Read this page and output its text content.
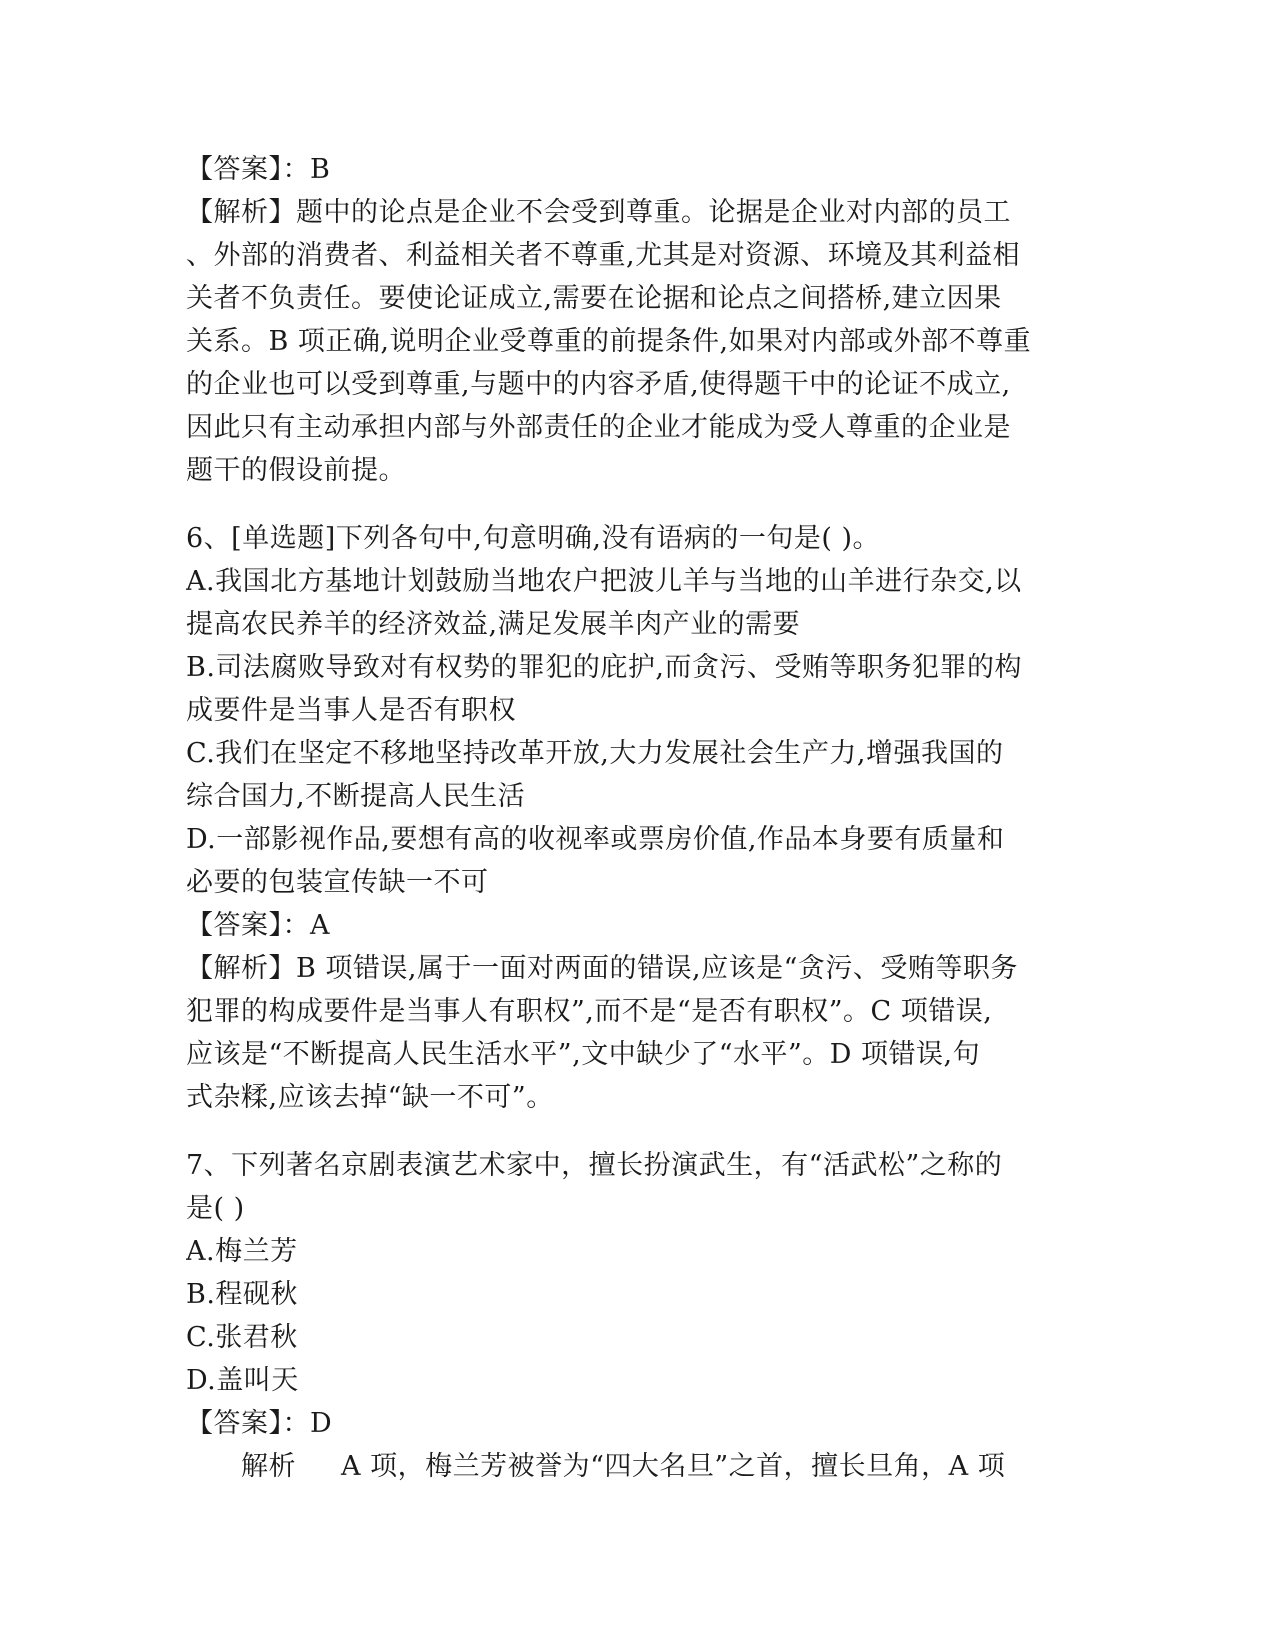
【答案】：B
【解析】题中的论点是企业不会受到尊重。论据是企业对内部的员工
、外部的消费者、利益相关者不尊重,尤其是对资源、环境及其利益相
关者不负责任。要使论证成立,需要在论据和论点之间搭桥,建立因果
关系。B 项正确,说明企业受尊重的前提条件,如果对内部或外部不尊重
的企业也可以受到尊重,与题中的内容矛盾,使得题干中的论证不成立,
因此只有主动承担内部与外部责任的企业才能成为受人尊重的企业是
题干的假设前提。
6、[单选题]下列各句中,句意明确,没有语病的一句是( )。
A.我国北方基地计划鼓励当地农户把波儿羊与当地的山羊进行杂交,以
提高农民养羊的经济效益,满足发展羊肉产业的需要
B.司法腐败导致对有权势的罪犯的庇护,而贪污、受贿等职务犯罪的构
成要件是当事人是否有职权
C.我们在坚定不移地坚持改革开放,大力发展社会生产力,增强我国的
综合国力,不断提高人民生活
D.一部影视作品,要想有高的收视率或票房价值,作品本身要有质量和
必要的包装宣传缺一不可
【答案】：A
【解析】B 项错误,属于一面对两面的错误,应该是“贪污、受贿等职务
犯罪的构成要件是当事人有职权”,而不是“是否有职权”。C 项错误,
应该是“不断提高人民生活水平”,文中缺少了“水平”。D 项错误,句
式杂糅,应该去掉“缺一不可”。
7、下列著名京剧表演艺术家中，擅长扮演武生，有“活武松”之称的
是( )
A.梅兰芳
B.程砚秋
C.张君秋
D.盖叫天
【答案】：D
解析 A 项，梅兰芳被誉为“四大名旦”之首，擅长旦角，A 项
